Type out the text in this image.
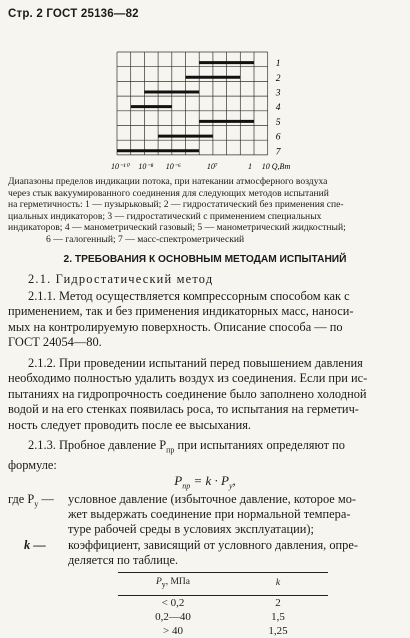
Стр. 2 ГОСТ 25136—82
1
2
3
4
5
6
7
10⁻¹⁰ 10⁻⁸ 10⁻⁶	10⁷	1 10 Q,Вт
Диапазоны пределов индикации потока, при натекании атмосферного воздуха
через стык вакуумированного соединения для следующих методов испытаний
на герметичность: 1 — пузырьковый; 2 — гидростатический без применения спе-
циальных индикаторов; 3 — гидростатический с применением специальных
индикаторов; 4 — манометрический газовый; 5 — манометрический жидкостный;
6 — галогенный; 7 — масс-спектрометрический
2. ТРЕБОВАНИЯ К ОСНОВНЫМ МЕТОДАМ ИСПЫТАНИЙ
2.1. Гидростатический метод
2.1.1. Метод осуществляется компрессорным способом как с
применением, так и без применения индикаторных масс, наноси-
мых на контролируемую поверхность. Описание способа — по
ГОСТ 24054—80.
2.1.2. При проведении испытаний перед повышением давления
необходимо полностью удалить воздух из соединения. Если при ис-
пытаниях на гидропрочность соединение было заполнено холодной
водой и на его стенках появилась роса, то испытания на герметич-
ность следует проводить после ее высыхания.
2.1.3. Пробное давление $P_{пр}$ при испытаниях определяют по
формуле:
$P_{пр} = k \cdot P_у$,
где $P_у$ —	условное давление (избыточное давление, которое мо-
жет выдержать соединение при нормальной темпера-
туре рабочей среды в условиях эксплуатации);
k —	коэффициент, зависящий от условного давления, опре-
деляется по таблице.
$P_у$, МПа	k
< 0,2	2
0,2—40	1,5
> 40	1,25
